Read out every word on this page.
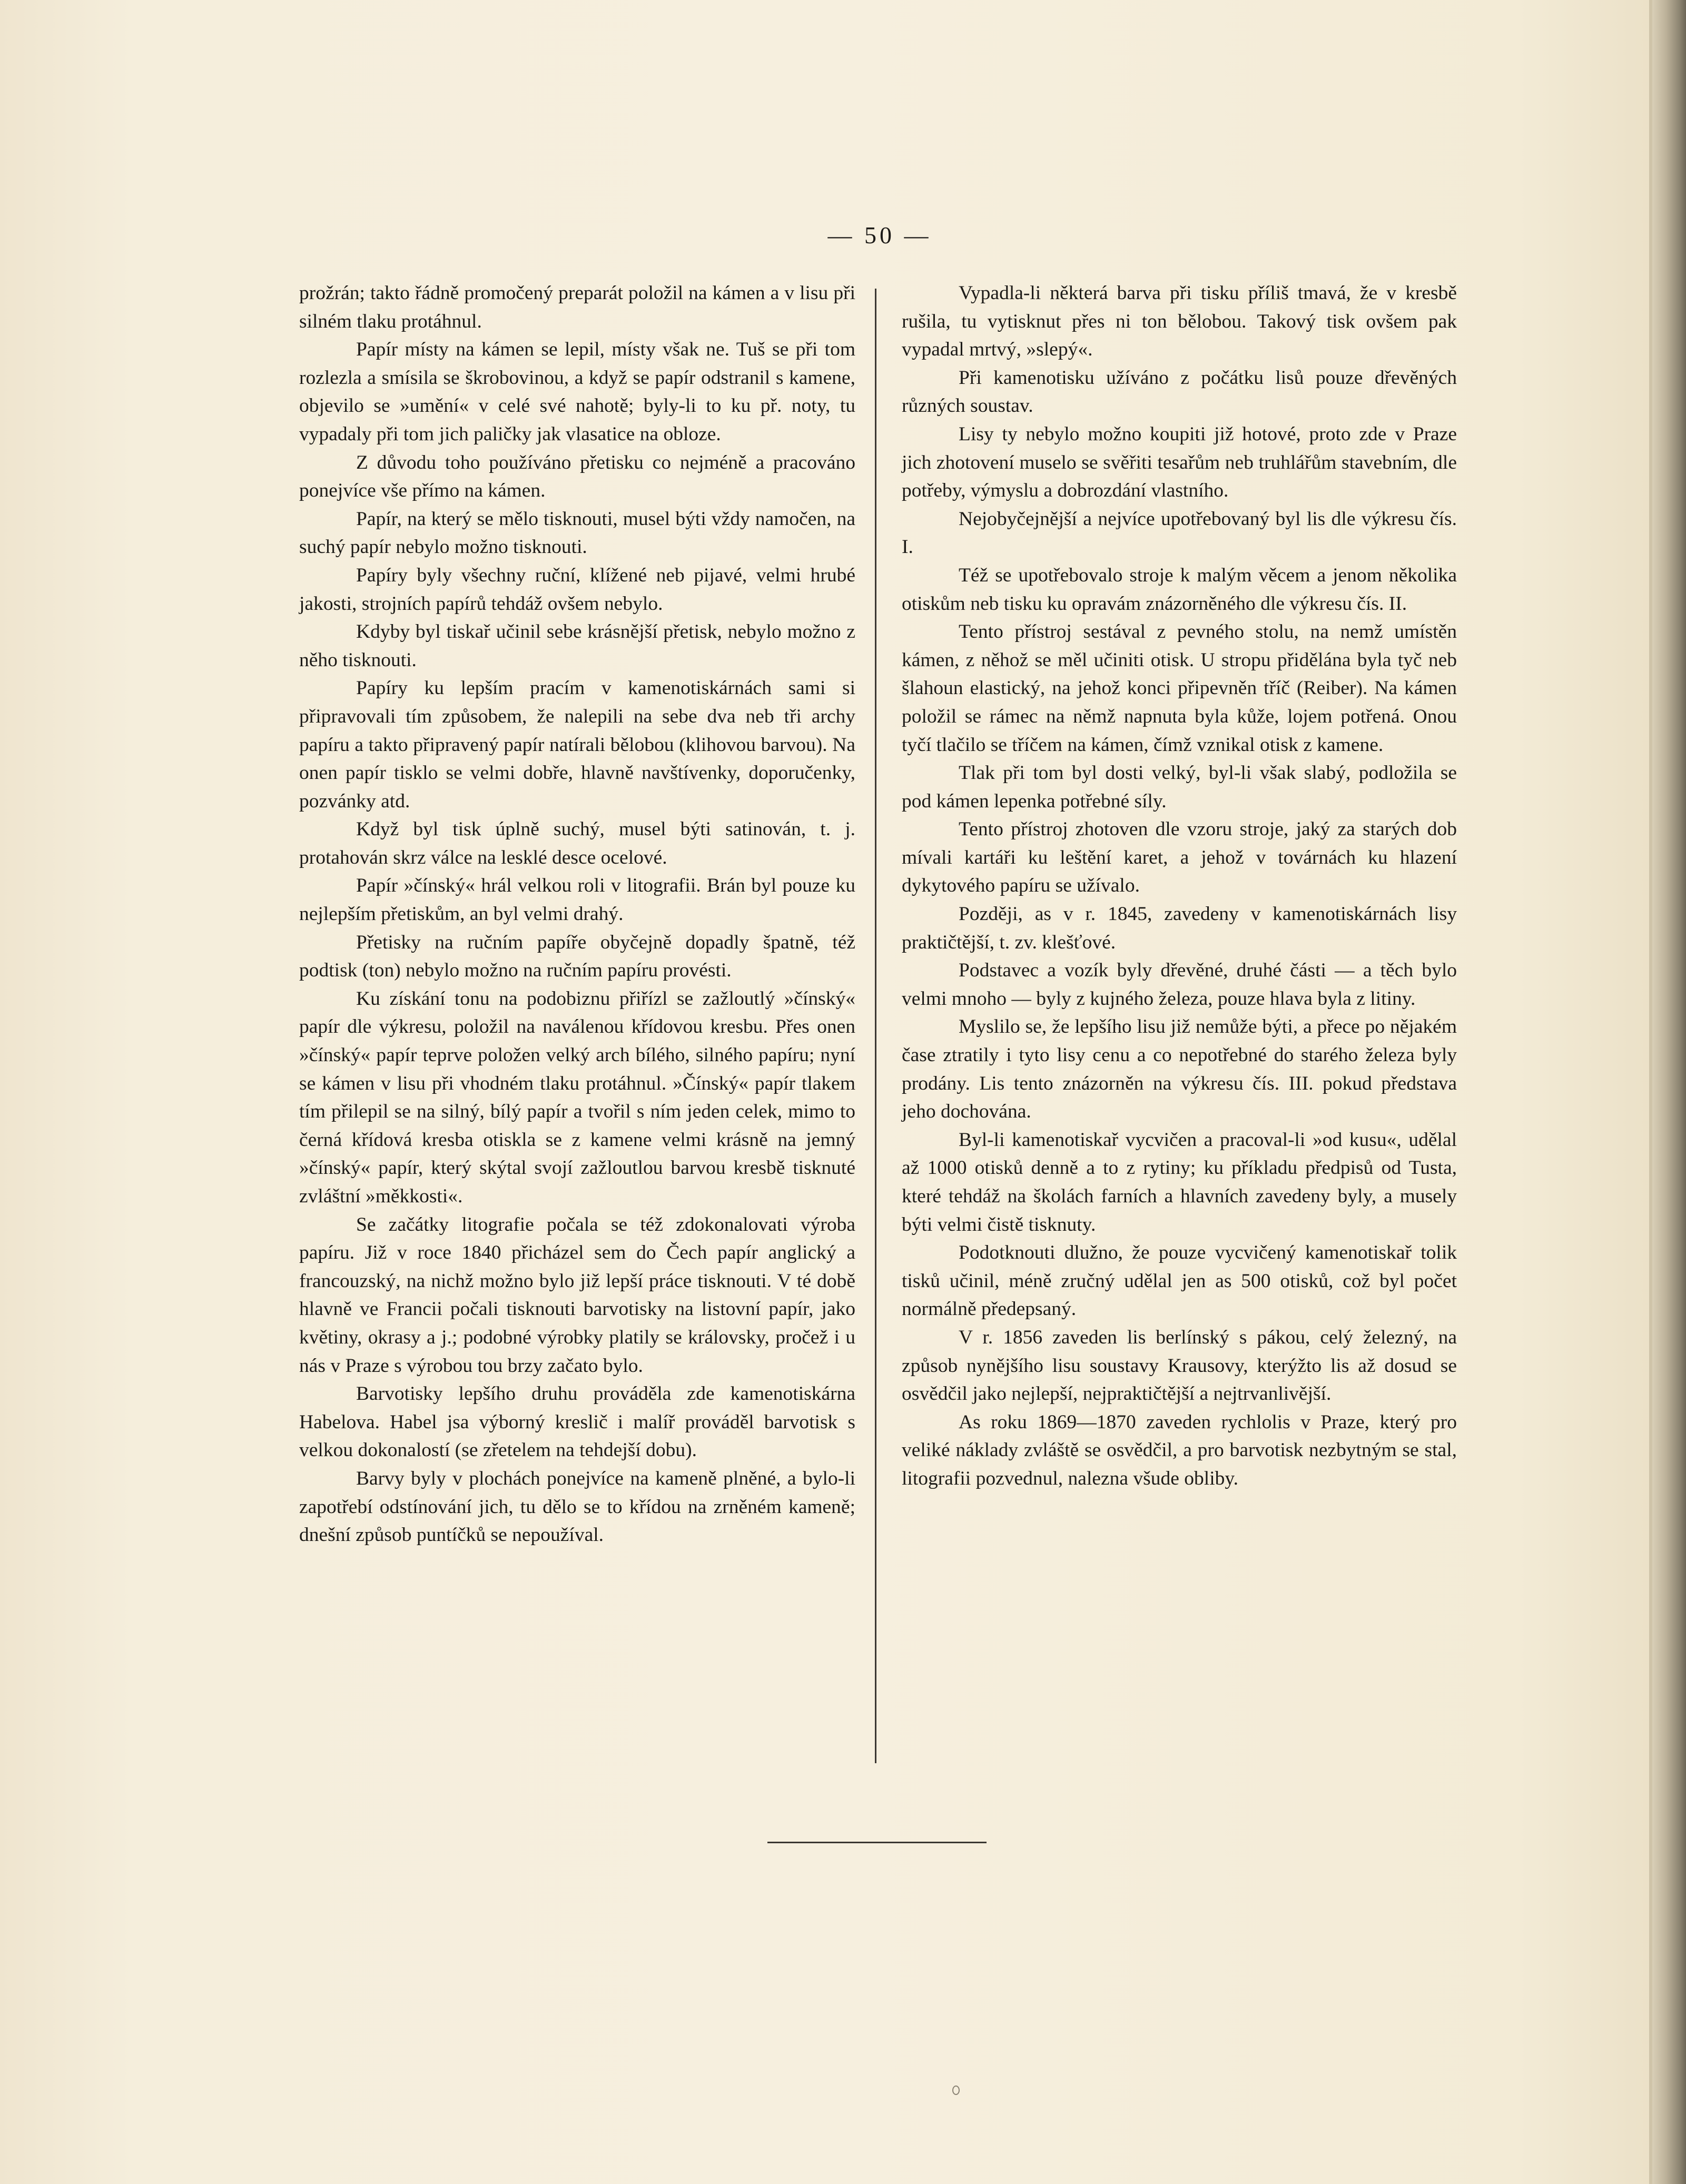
— 50 —

prožrán; takto řádně promočený preparát položil na kámen a v lisu při silném tlaku protáhnul.

Papír místy na kámen se lepil, místy však ne. Tuš se při tom rozlezla a smísila se škrobovinou, a když se papír odstranil s kamene, objevilo se »umění« v celé své nahotě; byly-li to ku př. noty, tu vypadaly při tom jich paličky jak vlasatice na obloze.

Z důvodu toho používáno přetisku co nejméně a pracováno ponejvíce vše přímo na kámen.

Papír, na který se mělo tisknouti, musel býti vždy namočen, na suchý papír nebylo možno tisknouti.

Papíry byly všechny ruční, klížené neb pijavé, velmi hrubé jakosti, strojních papírů tehdáž ovšem nebylo.

Kdyby byl tiskař učinil sebe krásnější přetisk, nebylo možno z něho tisknouti.

Papíry ku lepším pracím v kamenotiskárnách sami si připravovali tím způsobem, že nalepili na sebe dva neb tři archy papíru a takto připravený papír natírali bělobou (klihovou barvou). Na onen papír tisklo se velmi dobře, hlavně navštívenky, doporučenky, pozvánky atd.

Když byl tisk úplně suchý, musel býti satinován, t. j. protahován skrz válce na lesklé desce ocelové.

Papír »čínský« hrál velkou roli v litografii. Brán byl pouze ku nejlepším přetiskům, an byl velmi drahý.

Přetisky na ručním papíře obyčejně dopadly špatně, též podtisk (ton) nebylo možno na ručním papíru provésti.

Ku získání tonu na podobiznu přiřízl se zažloutlý »čínský« papír dle výkresu, položil na naválenou křídovou kresbu. Přes onen »čínský« papír teprve položen velký arch bílého, silného papíru; nyní se kámen v lisu při vhodném tlaku protáhnul. »Čínský« papír tlakem tím přilepil se na silný, bílý papír a tvořil s ním jeden celek, mimo to černá křídová kresba otiskla se z kamene velmi krásně na jemný »čínský« papír, který skýtal svojí zažloutlou barvou kresbě tisknuté zvláštní »měkkosti«.

Se začátky litografie počala se též zdokonalovati výroba papíru. Již v roce 1840 přicházel sem do Čech papír anglický a francouzský, na nichž možno bylo již lepší práce tisknouti. V té době hlavně ve Francii počali tisknouti barvotisky na listovní papír, jako květiny, okrasy a j.; podobné výrobky platily se královsky, pročež i u nás v Praze s výrobou tou brzy začato bylo.

Barvotisky lepšího druhu prováděla zde kamenotiskárna Habelova. Habel jsa výborný kreslič i malíř prováděl barvotisk s velkou dokonalostí (se zřetelem na tehdejší dobu).

Barvy byly v plochách ponejvíce na kameně plněné, a bylo-li zapotřebí odstínování jich, tu dělo se to křídou na zrněném kameně; dnešní způsob puntíčků se nepoužíval.

Vypadla-li některá barva při tisku příliš tmavá, že v kresbě rušila, tu vytisknut přes ni ton bělobou. Takový tisk ovšem pak vypadal mrtvý, »slepý«.

Při kamenotisku užíváno z počátku lisů pouze dřevěných různých soustav.

Lisy ty nebylo možno koupiti již hotové, proto zde v Praze jich zhotovení muselo se svěřiti tesařům neb truhlářům stavebním, dle potřeby, výmyslu a dobrozdání vlastního.

Nejobyčejnější a nejvíce upotřebovaný byl lis dle výkresu čís. I.

Též se upotřebovalo stroje k malým věcem a jenom několika otiskům neb tisku ku opravám znázorněného dle výkresu čís. II.

Tento přístroj sestával z pevného stolu, na nemž umístěn kámen, z něhož se měl učiniti otisk. U stropu přidělána byla tyč neb šlahoun elastický, na jehož konci připevněn tříč (Reiber). Na kámen položil se rámec na němž napnuta byla kůže, lojem potřená. Onou tyčí tlačilo se tříčem na kámen, čímž vznikal otisk z kamene.

Tlak při tom byl dosti velký, byl-li však slabý, podložila se pod kámen lepenka potřebné síly.

Tento přístroj zhotoven dle vzoru stroje, jaký za starých dob mívali kartáři ku leštění karet, a jehož v továrnách ku hlazení dykytového papíru se užívalo.

Později, as v r. 1845, zavedeny v kamenotiskárnách lisy praktičtější, t. zv. klešťové.

Podstavec a vozík byly dřevěné, druhé části — a těch bylo velmi mnoho — byly z kujného železa, pouze hlava byla z litiny.

Myslilo se, že lepšího lisu již nemůže býti, a přece po nějakém čase ztratily i tyto lisy cenu a co nepotřebné do starého železa byly prodány. Lis tento znázorněn na výkresu čís. III. pokud představa jeho dochována.

Byl-li kamenotiskař vycvičen a pracoval-li »od kusu«, udělal až 1000 otisků denně a to z rytiny; ku příkladu předpisů od Tusta, které tehdáž na školách farních a hlavních zavedeny byly, a musely býti velmi čistě tisknuty.

Podotknouti dlužno, že pouze vycvičený kamenotiskař tolik tisků učinil, méně zručný udělal jen as 500 otisků, což byl počet normálně předepsaný.

V r. 1856 zaveden lis berlínský s pákou, celý železný, na způsob nynějšího lisu soustavy Krausovy, kterýžto lis až dosud se osvědčil jako nejlepší, nejpraktičtější a nejtrvanlivější.

As roku 1869—1870 zaveden rychlolis v Praze, který pro veliké náklady zvláště se osvědčil, a pro barvotisk nezbytným se stal, litografii pozvednul, nalezna všude obliby.
